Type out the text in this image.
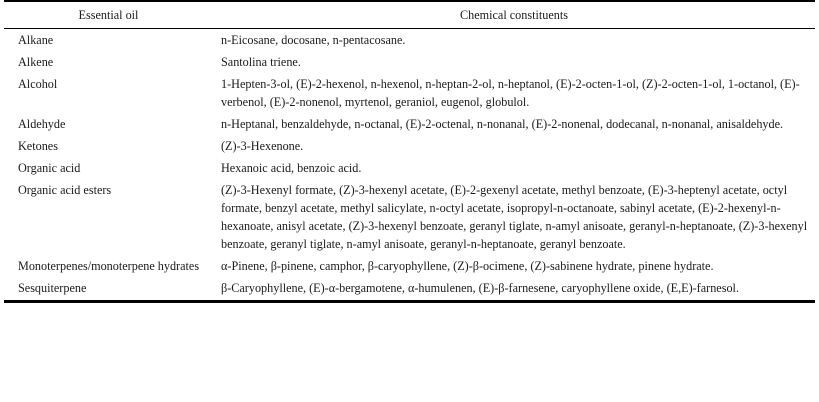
Essential oil	Chemical constituents
Alkane	n-Eicosane, docosane, n-pentacosane.
Alkene	Santolina triene.
Alcohol	1-Hepten-3-ol, (E)-2-hexenol, n-hexenol, n-heptan-2-ol, n-heptanol, (E)-2-octen-1-ol, (Z)-2-octen-1-ol, 1-octanol, (E)-verbenol, (E)-2-nonenol, myrtenol, geraniol, eugenol, globulol.
Aldehyde	n-Heptanal, benzaldehyde, n-octanal, (E)-2-octenal, n-nonanal, (E)-2-nonenal, dodecanal, n-nonanal, anisaldehyde.
Ketones	(Z)-3-Hexenone.
Organic acid	Hexanoic acid, benzoic acid.
Organic acid esters	(Z)-3-Hexenyl formate, (Z)-3-hexenyl acetate, (E)-2-gexenyl acetate, methyl benzoate, (E)-3-heptenyl acetate, octyl formate, benzyl acetate, methyl salicylate, n-octyl acetate, isopropyl-n-octanoate, sabinyl acetate, (E)-2-hexenyl-n-hexanoate, anisyl acetate, (Z)-3-hexenyl benzoate, geranyl tiglate, n-amyl anisoate, geranyl-n-heptanoate, (Z)-3-hexenyl benzoate, geranyl tiglate, n-amyl anisoate, geranyl-n-heptanoate, geranyl benzoate.
Monoterpenes/monoterpene hydrates	α-Pinene, β-pinene, camphor, β-caryophyllene, (Z)-β-ocimene, (Z)-sabinene hydrate, pinene hydrate.
Sesquiterpene	β-Caryophyllene, (E)-α-bergamotene, α-humulenen, (E)-β-farnesene, caryophyllene oxide, (E,E)-farnesol.
